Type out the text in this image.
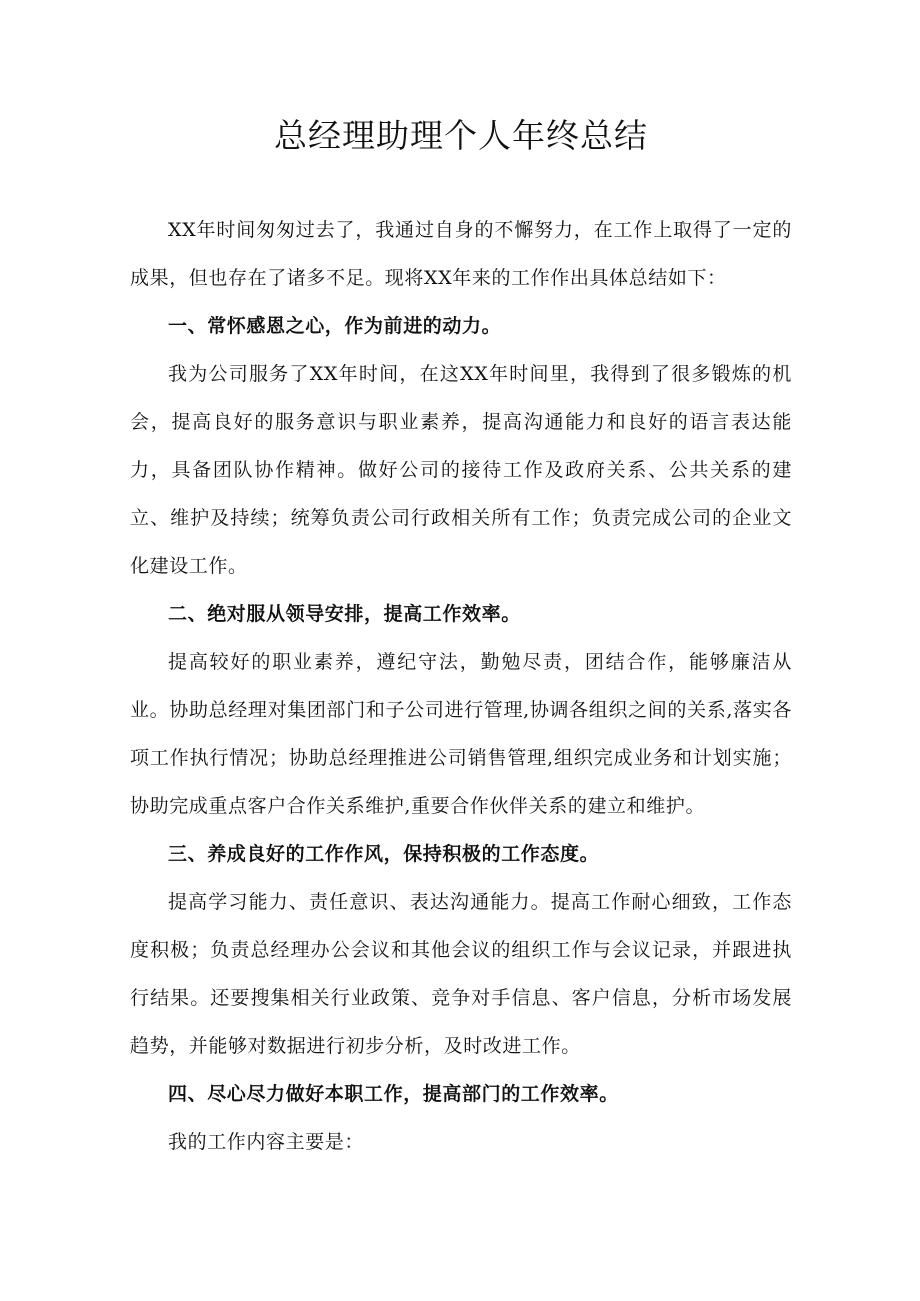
总经理助理个人年终总结

XX年时间匆匆过去了，我通过自身的不懈努力，在工作上取得了一定的成果，但也存在了诸多不足。现将XX年来的工作作出具体总结如下：

一、常怀感恩之心，作为前进的动力。

我为公司服务了XX年时间，在这XX年时间里，我得到了很多锻炼的机会，提高良好的服务意识与职业素养，提高沟通能力和良好的语言表达能力，具备团队协作精神。做好公司的接待工作及政府关系、公共关系的建立、维护及持续；统筹负责公司行政相关所有工作；负责完成公司的企业文化建设工作。

二、绝对服从领导安排，提高工作效率。

提高较好的职业素养，遵纪守法，勤勉尽责，团结合作，能够廉洁从业。协助总经理对集团部门和子公司进行管理,协调各组织之间的关系,落实各项工作执行情况；协助总经理推进公司销售管理,组织完成业务和计划实施；协助完成重点客户合作关系维护,重要合作伙伴关系的建立和维护。

三、养成良好的工作作风，保持积极的工作态度。

提高学习能力、责任意识、表达沟通能力。提高工作耐心细致，工作态度积极；负责总经理办公会议和其他会议的组织工作与会议记录，并跟进执行结果。还要搜集相关行业政策、竞争对手信息、客户信息，分析市场发展趋势，并能够对数据进行初步分析，及时改进工作。

四、尽心尽力做好本职工作，提高部门的工作效率。

我的工作内容主要是：
